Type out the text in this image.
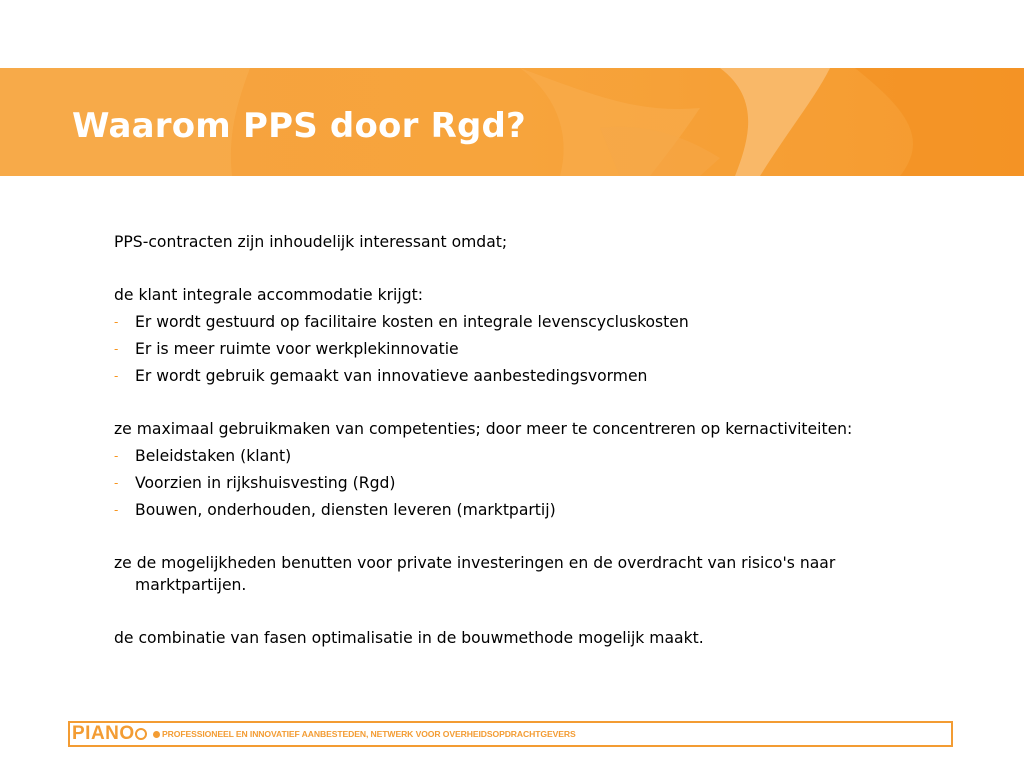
Waarom PPS door Rgd?

PPS-contracten zijn inhoudelijk interessant omdat;

de klant integrale accommodatie krijgt:

- Er wordt gestuurd op facilitaire kosten en integrale levenscycluskosten
- Er is meer ruimte voor werkplekinnovatie
- Er wordt gebruik gemaakt van innovatieve aanbestedingsvormen

ze maximaal gebruikmaken van competenties; door meer te concentreren op kernactiviteiten:

- Beleidstaken (klant)
- Voorzien in rijkshuisvesting (Rgd)
- Bouwen, onderhouden, diensten leveren (marktpartij)

ze de mogelijkheden benutten voor private investeringen en de overdracht van risico's naar marktpartijen.

de combinatie van fasen optimalisatie in de bouwmethode mogelijk maakt.

PIANO	PROFESSIONEEL EN INNOVATIEF AANBESTEDEN, NETWERK VOOR OVERHEIDSOPDRACHTGEVERS
